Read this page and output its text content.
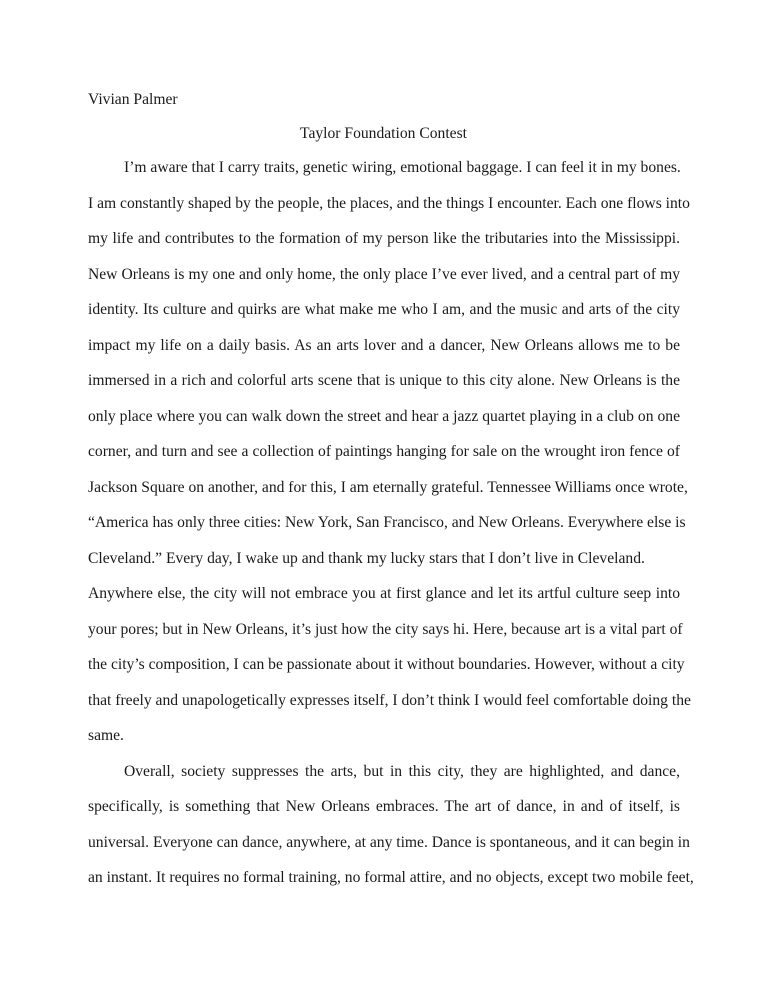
Vivian Palmer
Taylor Foundation Contest

I’m aware that I carry traits, genetic wiring, emotional baggage. I can feel it in my bones.
I am constantly shaped by the people, the places, and the things I encounter. Each one flows into
my life and contributes to the formation of my person like the tributaries into the Mississippi.
New Orleans is my one and only home, the only place I’ve ever lived, and a central part of my
identity. Its culture and quirks are what make me who I am, and the music and arts of the city
impact my life on a daily basis. As an arts lover and a dancer, New Orleans allows me to be
immersed in a rich and colorful arts scene that is unique to this city alone. New Orleans is the
only place where you can walk down the street and hear a jazz quartet playing in a club on one
corner, and turn and see a collection of paintings hanging for sale on the wrought iron fence of
Jackson Square on another, and for this, I am eternally grateful. Tennessee Williams once wrote,
“America has only three cities: New York, San Francisco, and New Orleans. Everywhere else is
Cleveland.” Every day, I wake up and thank my lucky stars that I don’t live in Cleveland.
Anywhere else, the city will not embrace you at first glance and let its artful culture seep into
your pores; but in New Orleans, it’s just how the city says hi. Here, because art is a vital part of
the city’s composition, I can be passionate about it without boundaries. However, without a city
that freely and unapologetically expresses itself, I don’t think I would feel comfortable doing the
same.

Overall, society suppresses the arts, but in this city, they are highlighted, and dance,
specifically, is something that New Orleans embraces. The art of dance, in and of itself, is
universal. Everyone can dance, anywhere, at any time. Dance is spontaneous, and it can begin in
an instant. It requires no formal training, no formal attire, and no objects, except two mobile feet,
